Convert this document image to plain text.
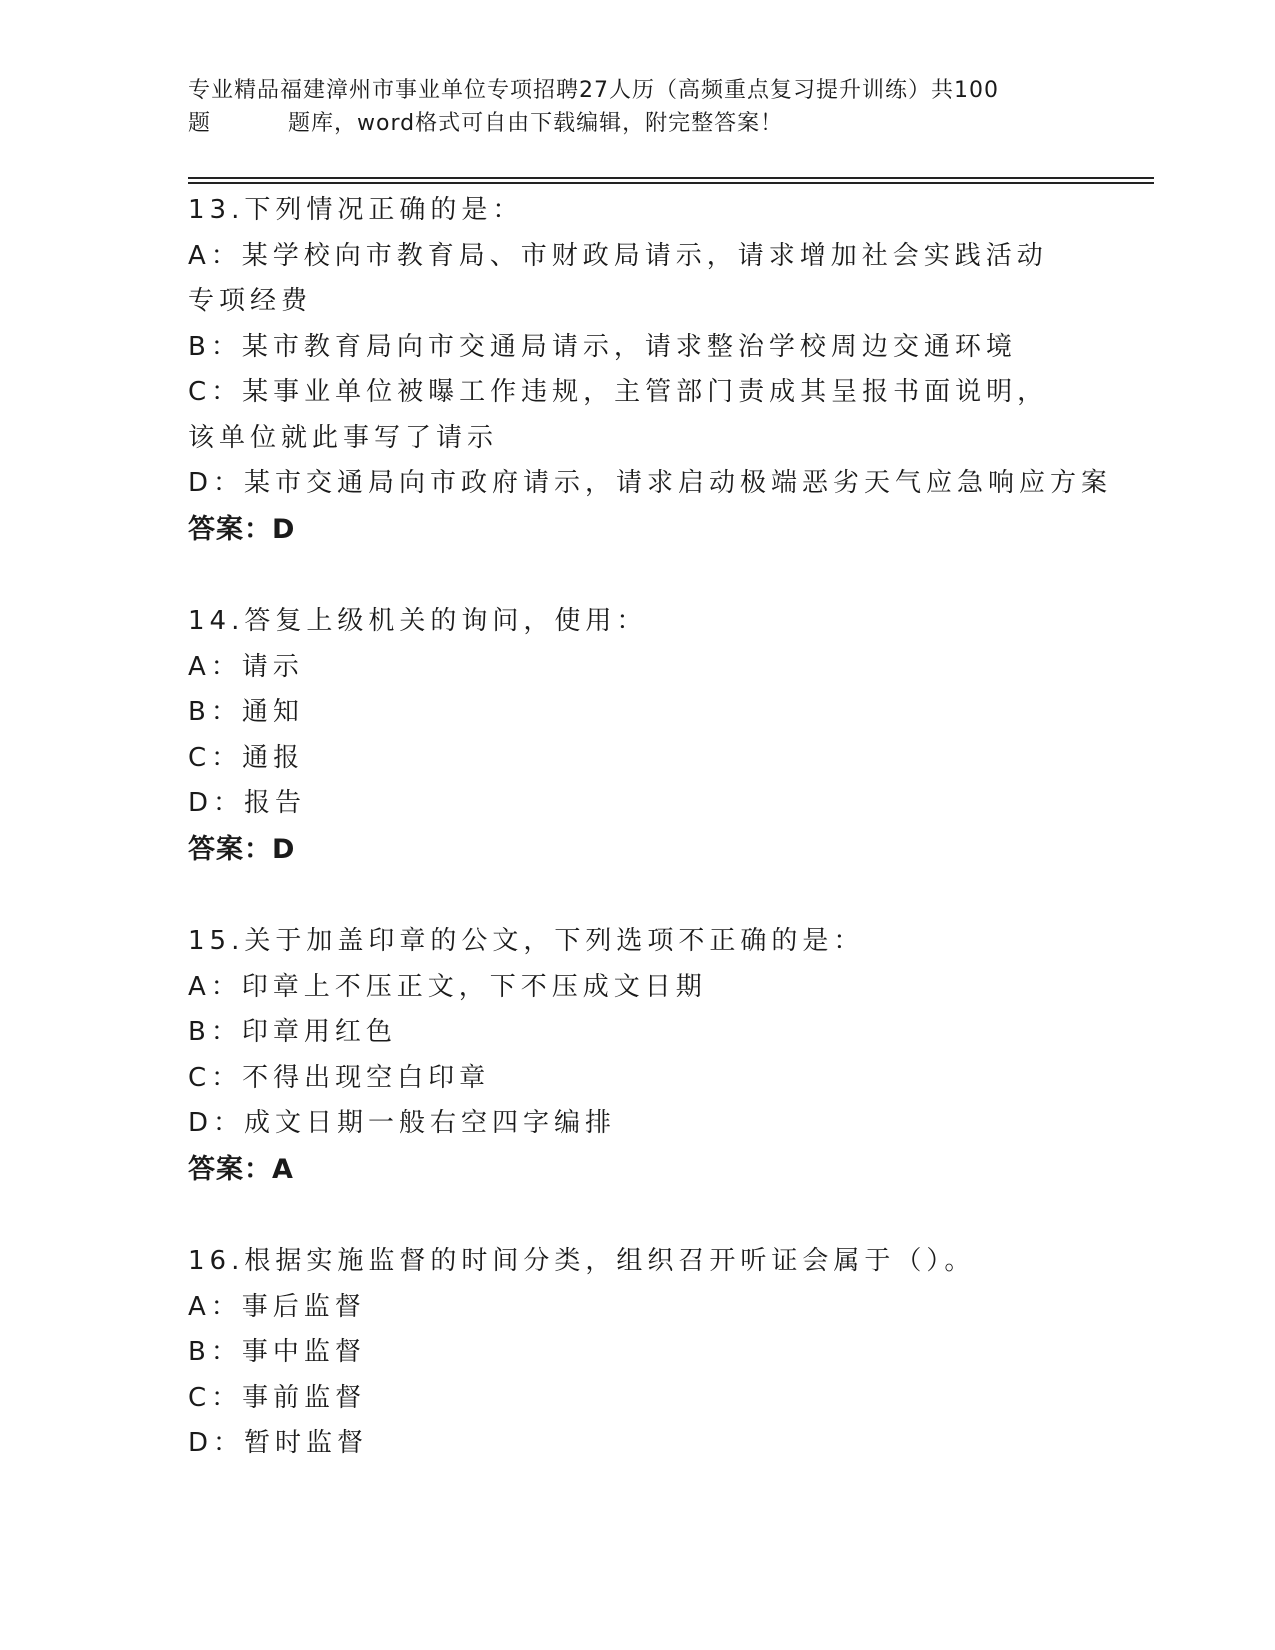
专业精品福建漳州市事业单位专项招聘27人历（高频重点复习提升训练）共100
题	题库，word格式可自由下载编辑，附完整答案！
13.下列情况正确的是：
A：某学校向市教育局、市财政局请示，请求增加社会实践活动专项经费
B：某市教育局向市交通局请示，请求整治学校周边交通环境
C：某事业单位被曝工作违规，主管部门责成其呈报书面说明，该单位就此事写了请示
D：某市交通局向市政府请示，请求启动极端恶劣天气应急响应方案
答案：D
14.答复上级机关的询问，使用：
A：请示
B：通知
C：通报
D：报告
答案：D
15.关于加盖印章的公文，下列选项不正确的是：
A：印章上不压正文，下不压成文日期
B：印章用红色
C：不得出现空白印章
D：成文日期一般右空四字编排
答案：A
16.根据实施监督的时间分类，组织召开听证会属于（）。
A：事后监督
B：事中监督
C：事前监督
D：暂时监督
